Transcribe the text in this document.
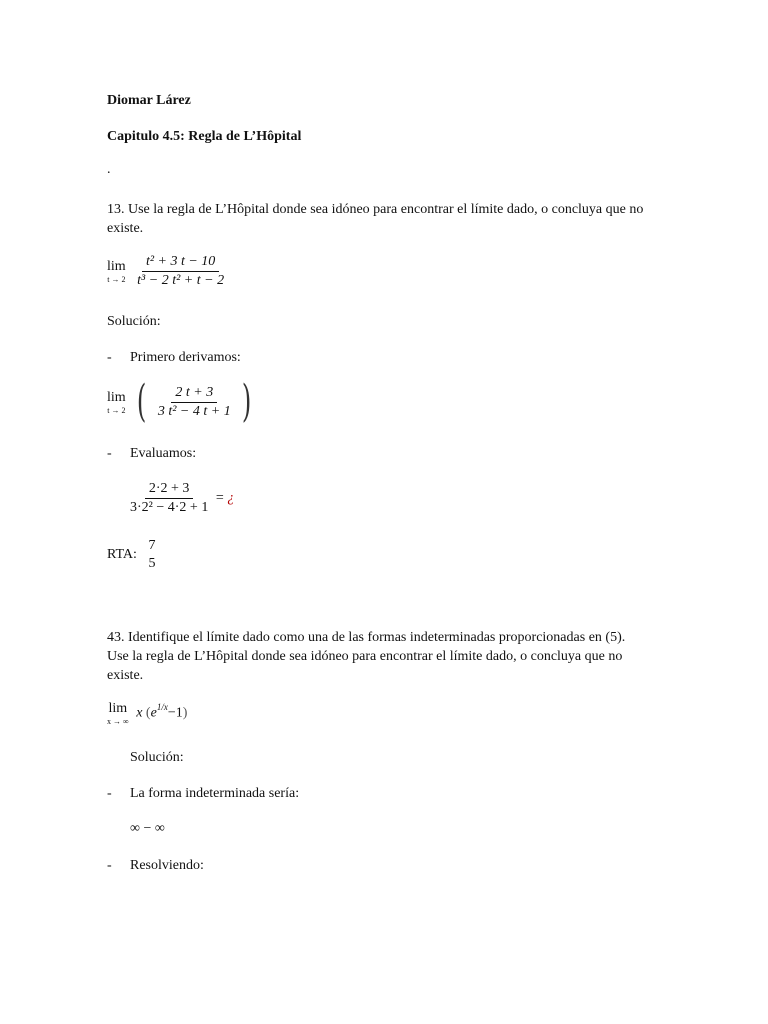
Diomar Lárez
Capitulo 4.5: Regla de L’Hôpital
.
13. Use la regla de L’Hôpital donde sea idóneo para encontrar el límite dado, o concluya que no existe.
lim
t → 2
$\frac{\text{t² + 3 t − 10}}{\text{t³ − 2 t² + t − 2}}$
Solución:
- Primero derivamos:
lim
t → 2 ( $\frac{2 t + 3}{\text{3 t² − 4 t + 1}}$ )
- Evaluamos:
$\frac{2\cdot 2 + 3}{\text{3·2² − 4·2 + 1}}$ = ¿
RTA:
7
5
43. Identifique el límite dado como una de las formas indeterminadas proporcionadas en (5). Use la regla de L’Hôpital donde sea idóneo para encontrar el límite dado, o concluya que no existe.
lim
x → ∞
x $(e^{1/x}-1)$
Solución:
- La forma indeterminada sería:
∞ − ∞
- Resolviendo:
